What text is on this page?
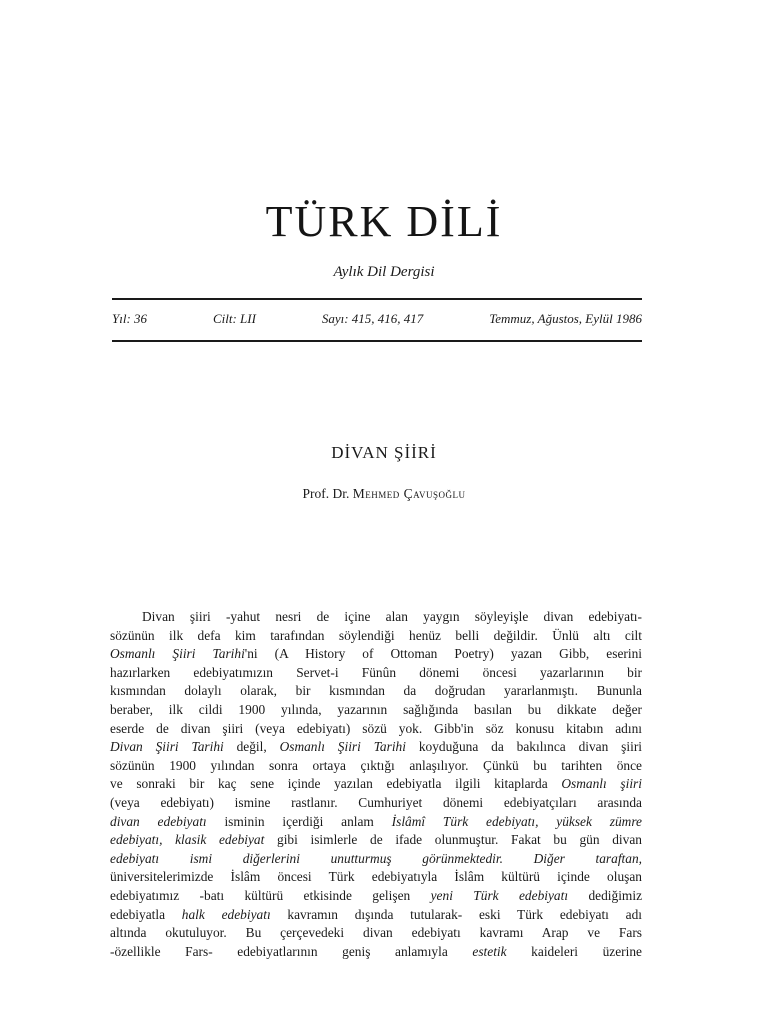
TÜRK DİLİ
Aylık Dil Dergisi
Yıl: 36	Cilt: LII	Sayı: 415, 416, 417	Temmuz, Ağustos, Eylül 1986
DİVAN ŞİİRİ
Prof. Dr. Mehmed Çavuşoğlu
Divan şiiri -yahut nesri de içine alan yaygın söyleyişle divan edebiyatı-
sözünün ilk defa kim tarafından söylendiği henüz belli değildir. Ünlü altı cilt
Osmanlı Şiiri Tarihi'ni (A History of Ottoman Poetry) yazan Gibb, eserini
hazırlarken edebiyatımızın Servet-i Fünûn dönemi öncesi yazarlarının bir
kısmından dolaylı olarak, bir kısmından da doğrudan yararlanmıştı. Bununla
beraber, ilk cildi 1900 yılında, yazarının sağlığında basılan bu dikkate değer
eserde de divan şiiri (veya edebiyatı) sözü yok. Gibb'in söz konusu kitabın adını
Divan Şiiri Tarihi değil, Osmanlı Şiiri Tarihi koyduğuna da bakılınca divan şiiri
sözünün 1900 yılından sonra ortaya çıktığı anlaşılıyor. Çünkü bu tarihten önce
ve sonraki bir kaç sene içinde yazılan edebiyatla ilgili kitaplarda Osmanlı şiiri
(veya edebiyatı) ismine rastlanır. Cumhuriyet dönemi edebiyatçıları arasında
divan edebiyatı isminin içerdiği anlam İslâmî Türk edebiyatı, yüksek zümre
edebiyatı, klasik edebiyat gibi isimlerle de ifade olunmuştur. Fakat bu gün divan
edebiyatı ismi diğerlerini unutturmuş görünmektedir. Diğer taraftan,
üniversitelerimizde İslâm öncesi Türk edebiyatıyla İslâm kültürü içinde oluşan
edebiyatımız -batı kültürü etkisinde gelişen yeni Türk edebiyatı dediğimiz
edebiyatla halk edebiyatı kavramın dışında tutularak- eski Türk edebiyatı adı
altında okutuluyor. Bu çerçevedeki divan edebiyatı kavramı Arap ve Fars
-özellikle Fars- edebiyatlarının geniş anlamıyla estetik kaideleri üzerine
